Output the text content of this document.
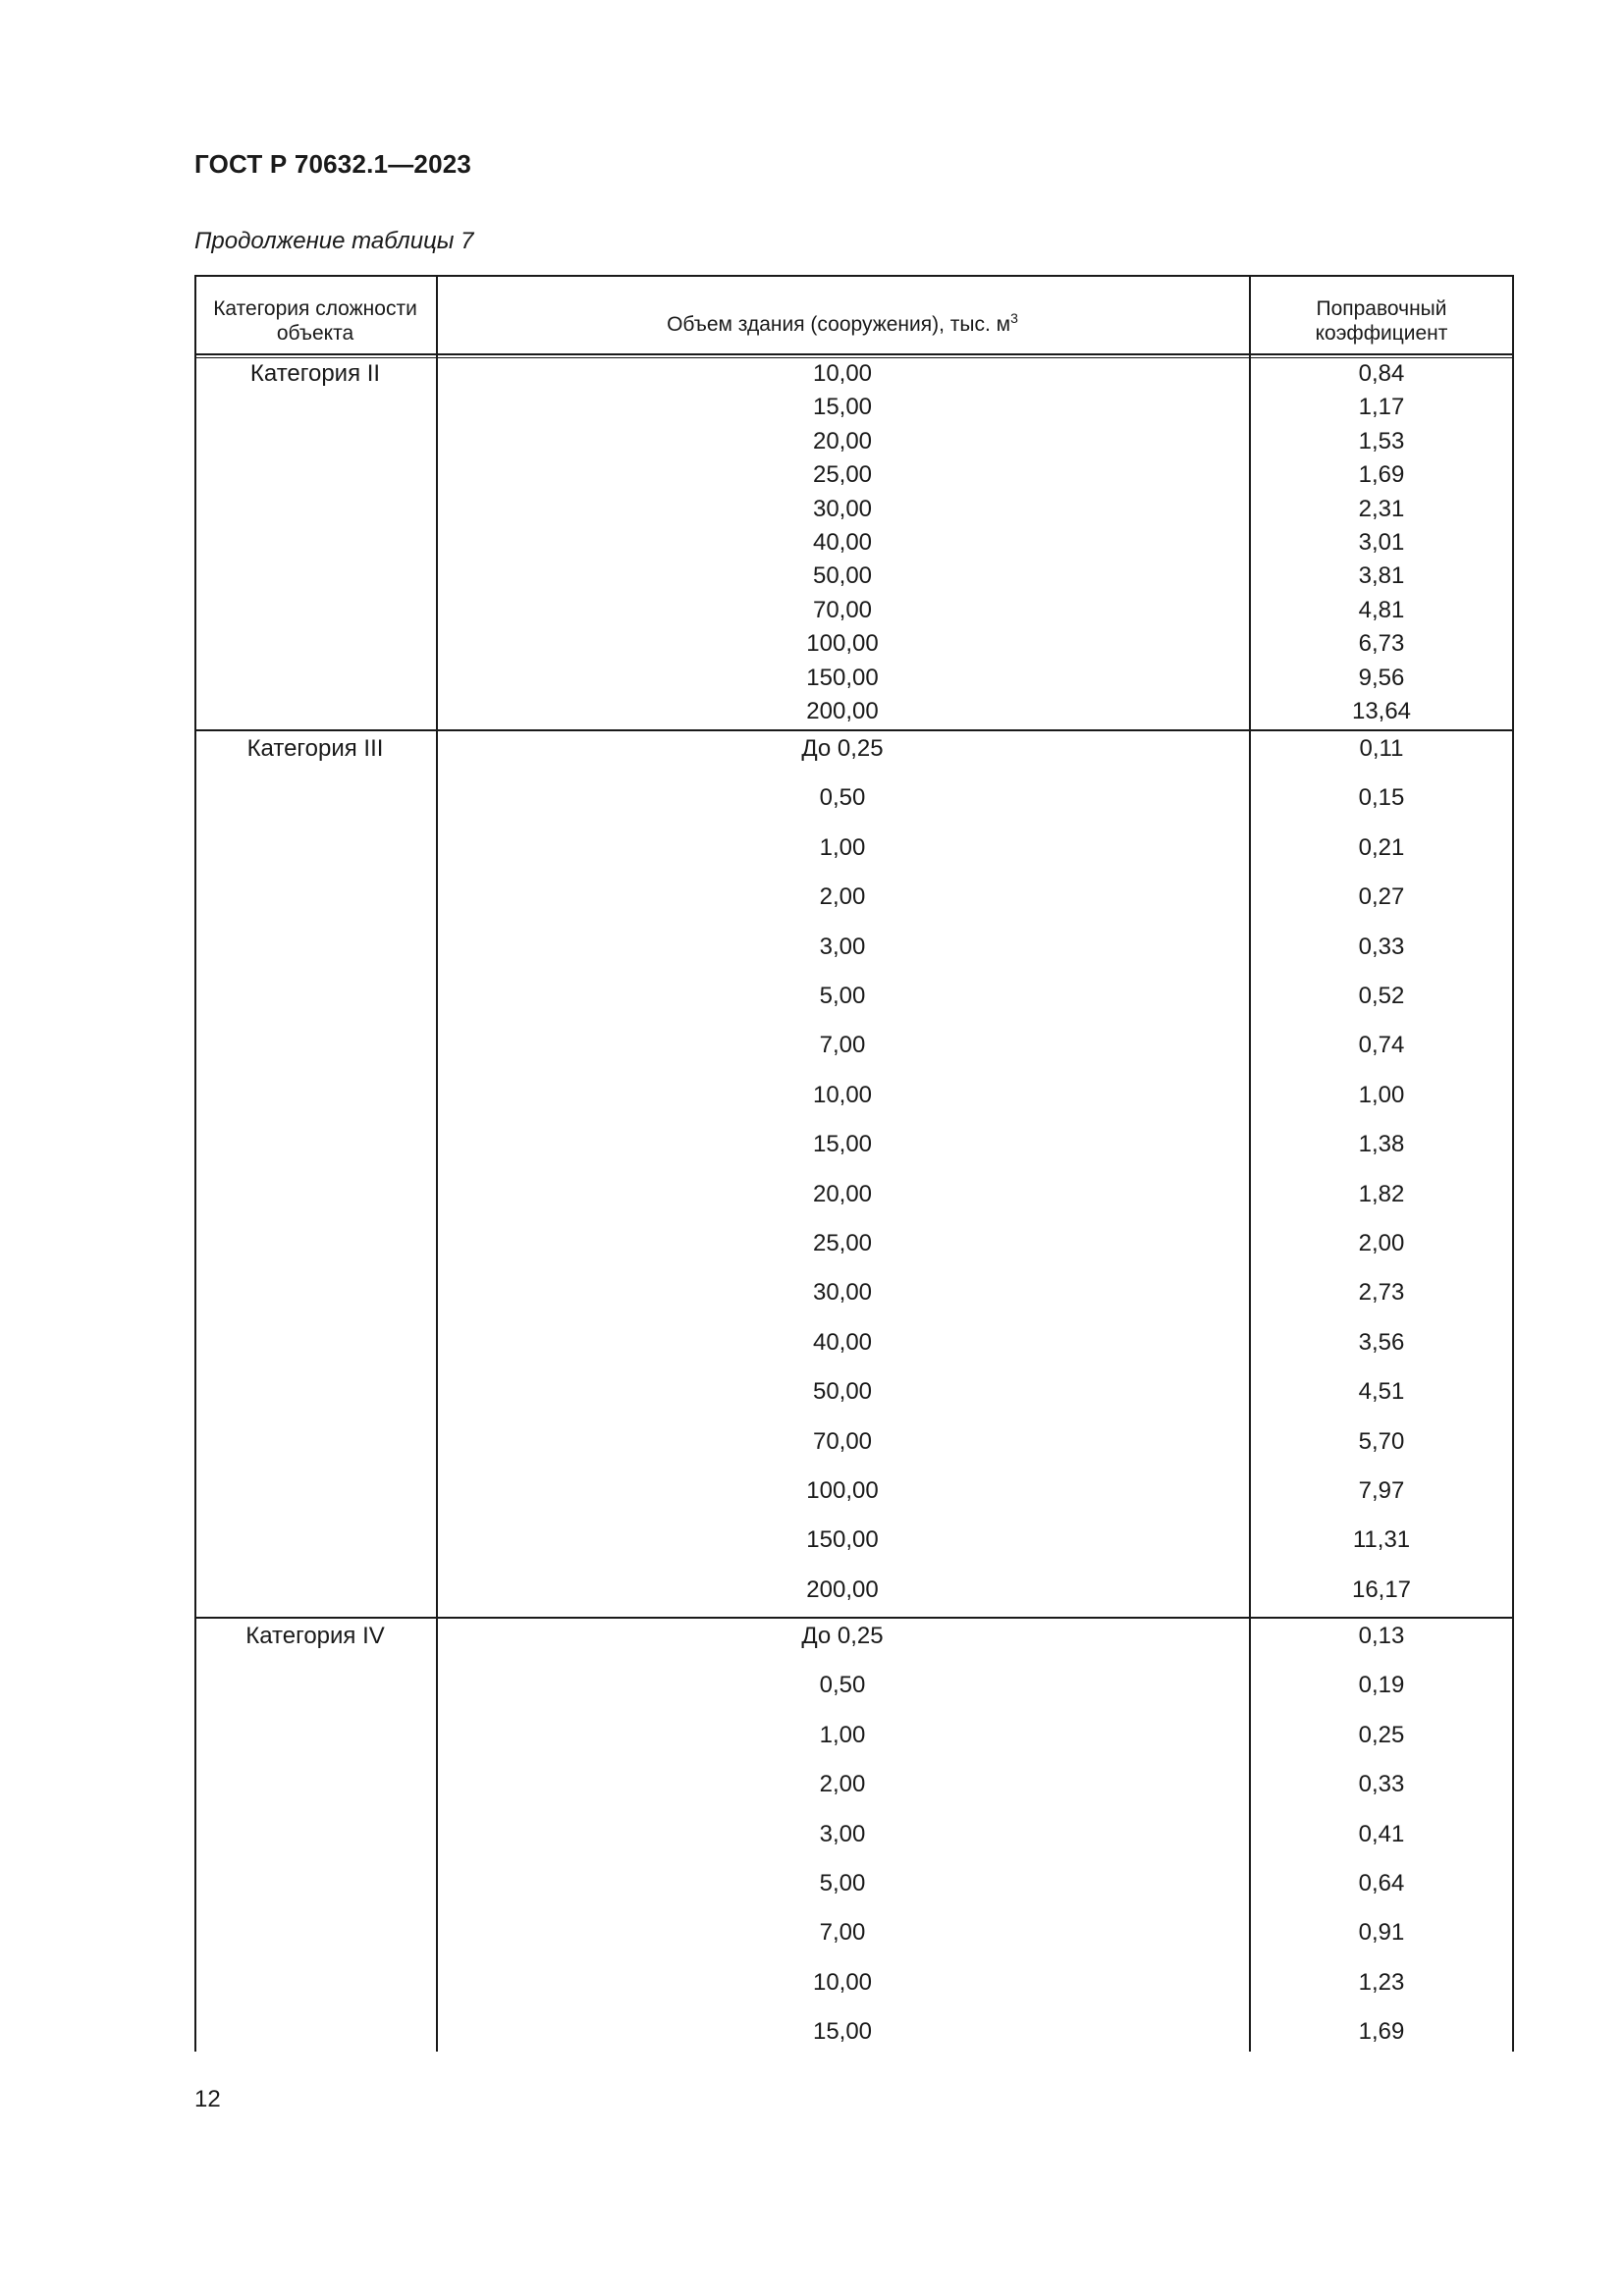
ГОСТ Р 70632.1—2023
Продолжение таблицы 7
Категория сложности объекта	Объем здания (сооружения), тыс. $м^3$	Поправочный коэффициент
Категория II	10,00	0,84
15,00	1,17
20,00	1,53
25,00	1,69
30,00	2,31
40,00	3,01
50,00	3,81
70,00	4,81
100,00	6,73
150,00	9,56
200,00	13,64
Категория III	До 0,25	0,11
0,50	0,15
1,00	0,21
2,00	0,27
3,00	0,33
5,00	0,52
7,00	0,74
10,00	1,00
15,00	1,38
20,00	1,82
25,00	2,00
30,00	2,73
40,00	3,56
50,00	4,51
70,00	5,70
100,00	7,97
150,00	11,31
200,00	16,17
Категория IV	До 0,25	0,13
0,50	0,19
1,00	0,25
2,00	0,33
3,00	0,41
5,00	0,64
7,00	0,91
10,00	1,23
15,00	1,69
12
